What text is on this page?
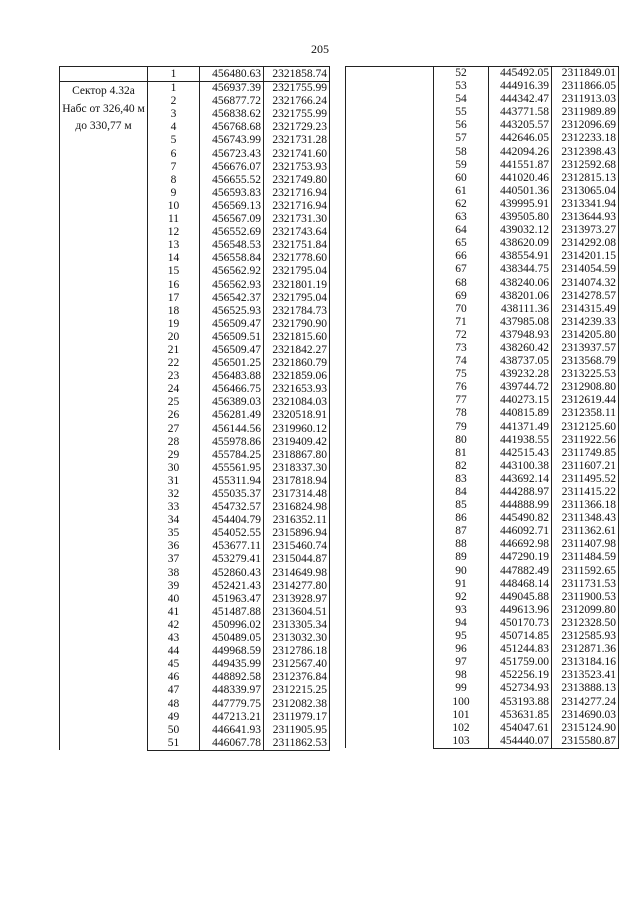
205
	1	456480.63	2321858.74
Сектор 4.32а Набс от 326,40 м до 330,77 м	1	456937.39	2321755.99
	2	456877.72	2321766.24
	3	456838.62	2321755.99
	4	456768.68	2321729.23
	5	456743.99	2321731.28
	6	456723.43	2321741.60
	7	456676.07	2321753.93
	8	456655.52	2321749.80
	9	456593.83	2321716.94
	10	456569.13	2321716.94
	11	456567.09	2321731.30
	12	456552.69	2321743.64
	13	456548.53	2321751.84
	14	456558.84	2321778.60
	15	456562.92	2321795.04
	16	456562.93	2321801.19
	17	456542.37	2321795.04
	18	456525.93	2321784.73
	19	456509.47	2321790.90
	20	456509.51	2321815.60
	21	456509.47	2321842.27
	22	456501.25	2321860.79
	23	456483.88	2321859.06
	24	456466.75	2321653.93
	25	456389.03	2321084.03
	26	456281.49	2320518.91
	27	456144.56	2319960.12
	28	455978.86	2319409.42
	29	455784.25	2318867.80
	30	455561.95	2318337.30
	31	455311.94	2317818.94
	32	455035.37	2317314.48
	33	454732.57	2316824.98
	34	454404.79	2316352.11
	35	454052.55	2315896.94
	36	453677.11	2315460.74
	37	453279.41	2315044.87
	38	452860.43	2314649.98
	39	452421.43	2314277.80
	40	451963.47	2313928.97
	41	451487.88	2313604.51
	42	450996.02	2313305.34
	43	450489.05	2313032.30
	44	449968.59	2312786.18
	45	449435.99	2312567.40
	46	448892.58	2312376.84
	47	448339.97	2312215.25
	48	447779.75	2312082.38
	49	447213.21	2311979.17
	50	446641.93	2311905.95
	51	446067.78	2311862.53
	52	445492.05	2311849.01
	53	444916.39	2311866.05
	54	444342.47	2311913.03
	55	443771.58	2311989.89
	56	443205.57	2312096.69
	57	442646.05	2312233.18
	58	442094.26	2312398.43
	59	441551.87	2312592.68
	60	441020.46	2312815.13
	61	440501.36	2313065.04
	62	439995.91	2313341.94
	63	439505.80	2313644.93
	64	439032.12	2313973.27
	65	438620.09	2314292.08
	66	438554.91	2314201.15
	67	438344.75	2314054.59
	68	438240.06	2314074.32
	69	438201.06	2314278.57
	70	438111.36	2314315.49
	71	437985.08	2314239.33
	72	437948.93	2314205.80
	73	438260.42	2313937.57
	74	438737.05	2313568.79
	75	439232.28	2313225.53
	76	439744.72	2312908.80
	77	440273.15	2312619.44
	78	440815.89	2312358.11
	79	441371.49	2312125.60
	80	441938.55	2311922.56
	81	442515.43	2311749.85
	82	443100.38	2311607.21
	83	443692.14	2311495.52
	84	444288.97	2311415.22
	85	444888.99	2311366.18
	86	445490.82	2311348.43
	87	446092.71	2311362.61
	88	446692.98	2311407.98
	89	447290.19	2311484.59
	90	447882.49	2311592.65
	91	448468.14	2311731.53
	92	449045.88	2311900.53
	93	449613.96	2312099.80
	94	450170.73	2312328.50
	95	450714.85	2312585.93
	96	451244.83	2312871.36
	97	451759.00	2313184.16
	98	452256.19	2313523.41
	99	452734.93	2313888.13
	100	453193.88	2314277.24
	101	453631.85	2314690.03
	102	454047.61	2315124.90
	103	454440.07	2315580.87
